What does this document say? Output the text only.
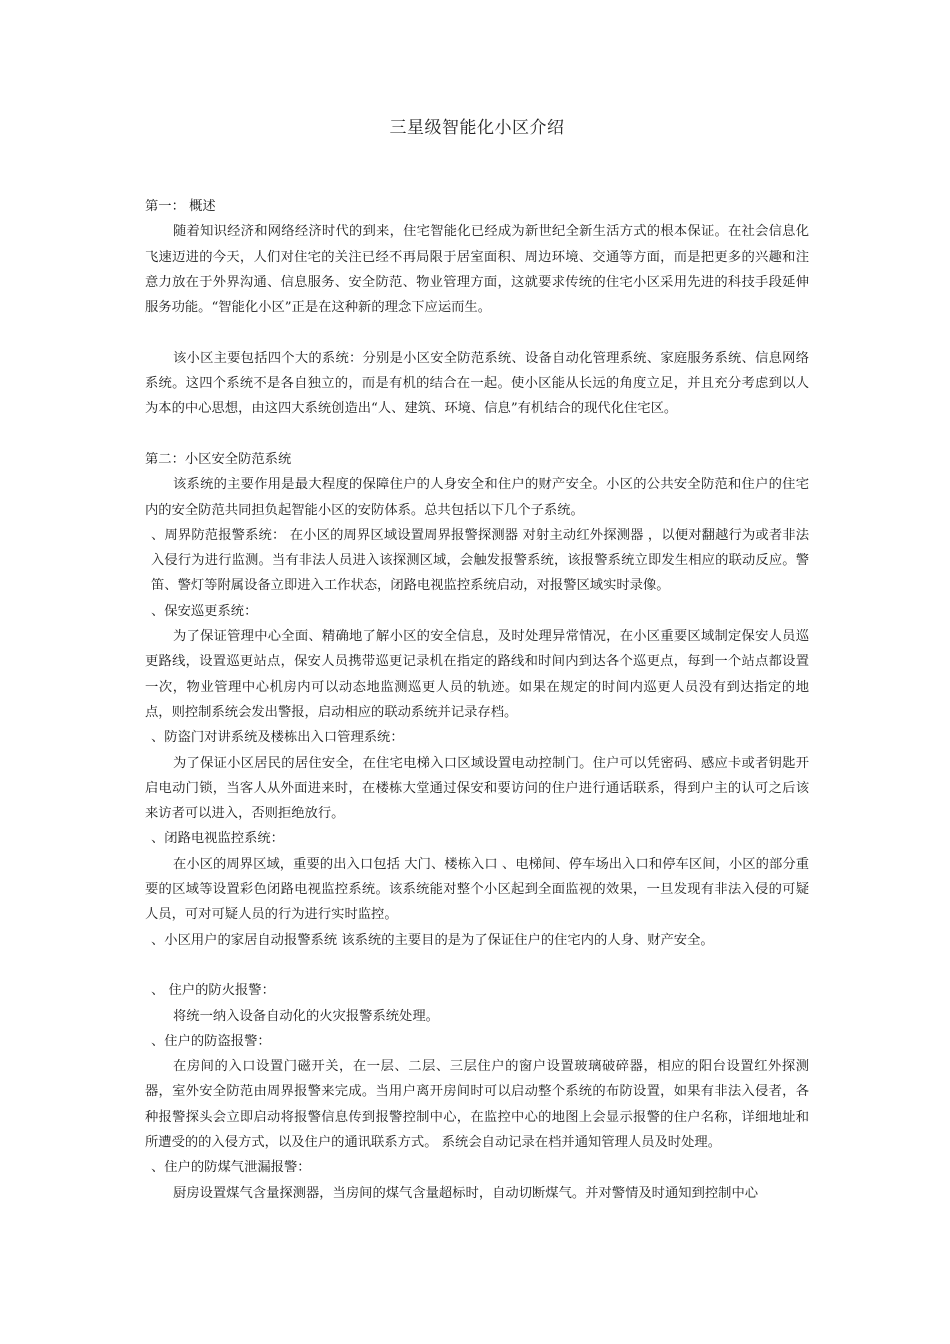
三星级智能化小区介绍

第一： 概述

随着知识经济和网络经济时代的到来，住宅智能化已经成为新世纪全新生活方式的根本保证。在社会信息化飞速迈进的今天，人们对住宅的关注已经不再局限于居室面积、周边环境、交通等方面，而是把更多的兴趣和注意力放在于外界沟通、信息服务、安全防范、物业管理方面，这就要求传统的住宅小区采用先进的科技手段延伸服务功能。“智能化小区”正是在这种新的理念下应运而生。

该小区主要包括四个大的系统：分别是小区安全防范系统、设备自动化管理系统、家庭服务系统、信息网络系统。这四个系统不是各自独立的，而是有机的结合在一起。使小区能从长远的角度立足，并且充分考虑到以人为本的中心思想，由这四大系统创造出“人、建筑、环境、信息”有机结合的现代化住宅区。

第二：小区安全防范系统

该系统的主要作用是最大程度的保障住户的人身安全和住户的财产安全。小区的公共安全防范和住户的住宅内的安全防范共同担负起智能小区的安防体系。总共包括以下几个子系统。

、周界防范报警系统： 在小区的周界区域设置周界报警探测器 对射主动红外探测器 ，以便对翻越行为或者非法入侵行为进行监测。当有非法人员进入该探测区域，会触发报警系统，该报警系统立即发生相应的联动反应。警笛、警灯等附属设备立即进入工作状态，闭路电视监控系统启动，对报警区域实时录像。

、保安巡更系统：

为了保证管理中心全面、精确地了解小区的安全信息，及时处理异常情况，在小区重要区域制定保安人员巡更路线，设置巡更站点，保安人员携带巡更记录机在指定的路线和时间内到达各个巡更点，每到一个站点都设置一次，物业管理中心机房内可以动态地监测巡更人员的轨迹。如果在规定的时间内巡更人员没有到达指定的地点，则控制系统会发出警报，启动相应的联动系统并记录存档。

、防盗门对讲系统及楼栋出入口管理系统：

为了保证小区居民的居住安全，在住宅电梯入口区域设置电动控制门。住户可以凭密码、感应卡或者钥匙开启电动门锁，当客人从外面进来时，在楼栋大堂通过保安和要访问的住户进行通话联系，得到户主的认可之后该来访者可以进入，否则拒绝放行。

、闭路电视监控系统：

在小区的周界区域，重要的出入口包括 大门、楼栋入口 、电梯间、停车场出入口和停车区间，小区的部分重要的区域等设置彩色闭路电视监控系统。该系统能对整个小区起到全面监视的效果，一旦发现有非法入侵的可疑人员，可对可疑人员的行为进行实时监控。

、小区用户的家居自动报警系统 该系统的主要目的是为了保证住户的住宅内的人身、财产安全。

、 住户的防火报警：

将统一纳入设备自动化的火灾报警系统处理。

、住户的防盗报警：

在房间的入口设置门磁开关，在一层、二层、三层住户的窗户设置玻璃破碎器，相应的阳台设置红外探测器，室外安全防范由周界报警来完成。当用户离开房间时可以启动整个系统的布防设置，如果有非法入侵者，各种报警探头会立即启动将报警信息传到报警控制中心，在监控中心的地图上会显示报警的住户名称，详细地址和所遭受的的入侵方式，以及住户的通讯联系方式。 系统会自动记录在档并通知管理人员及时处理。

、住户的防煤气泄漏报警：

厨房设置煤气含量探测器，当房间的煤气含量超标时，自动切断煤气。并对警情及时通知到控制中心
